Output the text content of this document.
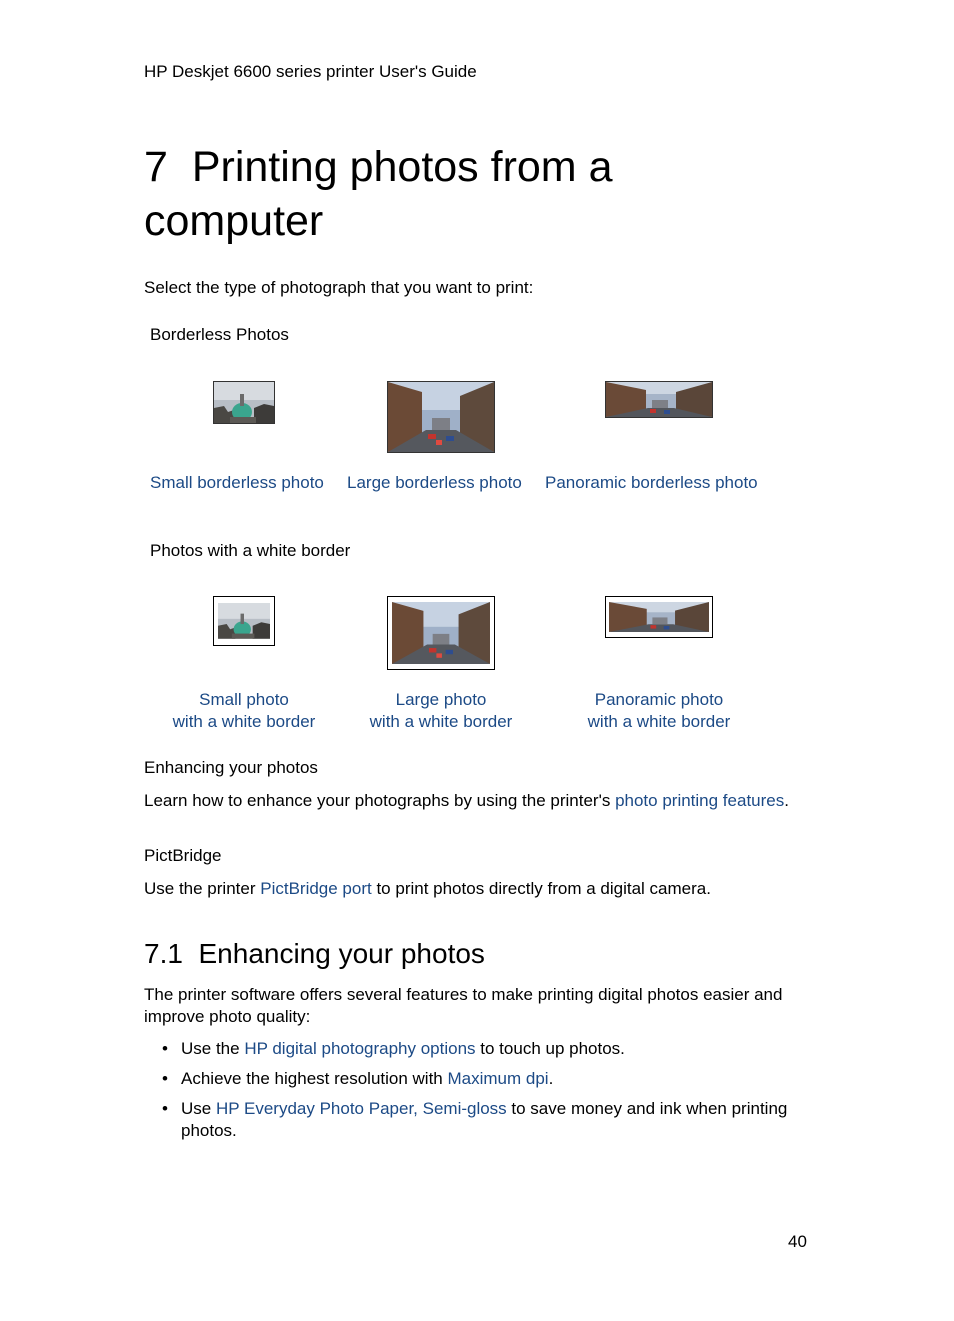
HP Deskjet 6600 series printer User's Guide
7 Printing photos from a computer
Select the type of photograph that you want to print:
Borderless Photos
Small borderless photo Large borderless photo Panoramic borderless photo
Photos with a white border
Small photo
with a white border
Large photo
with a white border
Panoramic photo
with a white border
Enhancing your photos
Learn how to enhance your photographs by using the printer's photo printing features.
PictBridge
Use the printer PictBridge port to print photos directly from a digital camera.
7.1 Enhancing your photos
The printer software offers several features to make printing digital photos easier and improve photo quality:
• Use the HP digital photography options to touch up photos.
• Achieve the highest resolution with Maximum dpi.
• Use HP Everyday Photo Paper, Semi-gloss to save money and ink when printing photos.
40
